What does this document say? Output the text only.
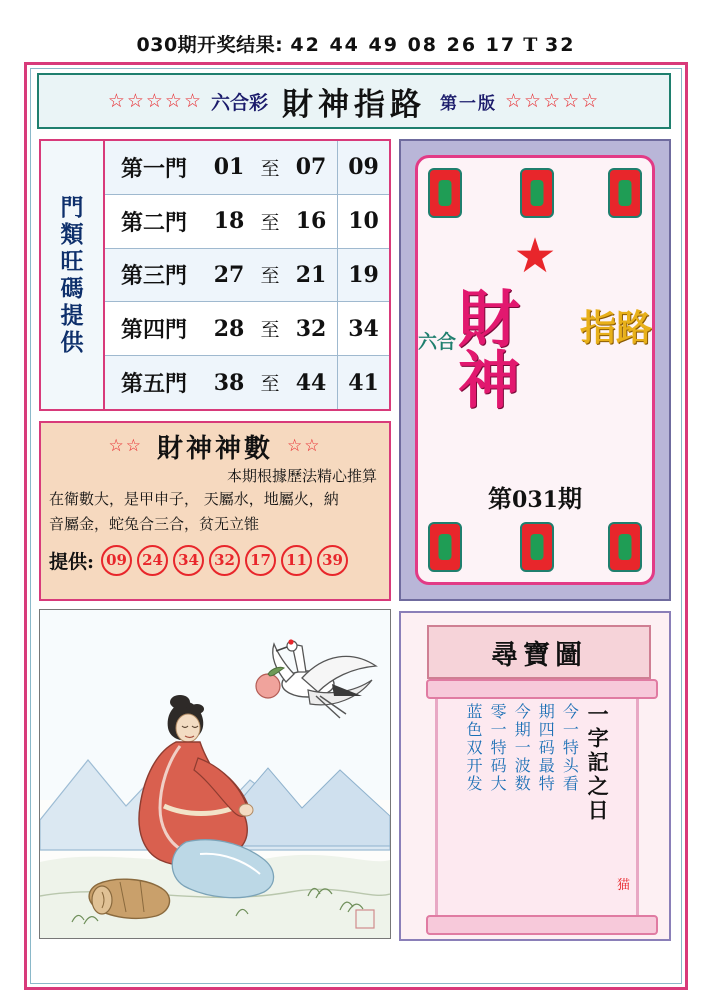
030期开奖结果: 42 44 49 08 26 17 T 32
☆☆☆☆☆ 六合彩 財神指路 第一版 ☆☆☆☆☆
門
類
旺
碼
提
供
第一門	01 至 07 09
第二門	18 至 16 10
第三門	27 至 21 19
第四門	28 至 32 34
第五門	38 至 44 41
☆☆ 財神神數 ☆☆
本期根據歷法精心推算
在衛數大，是甲申子， 天屬水，地屬火，納
音屬金，蛇兔合三合，贫无立锥
提供: 09	24	34	32	17	11	39
★
六合 財神
指路
第031期
尋寶圖
一字記之日
今一特头看
期四码最特
今期一波数
零一特码大
蓝色双开发
猫
